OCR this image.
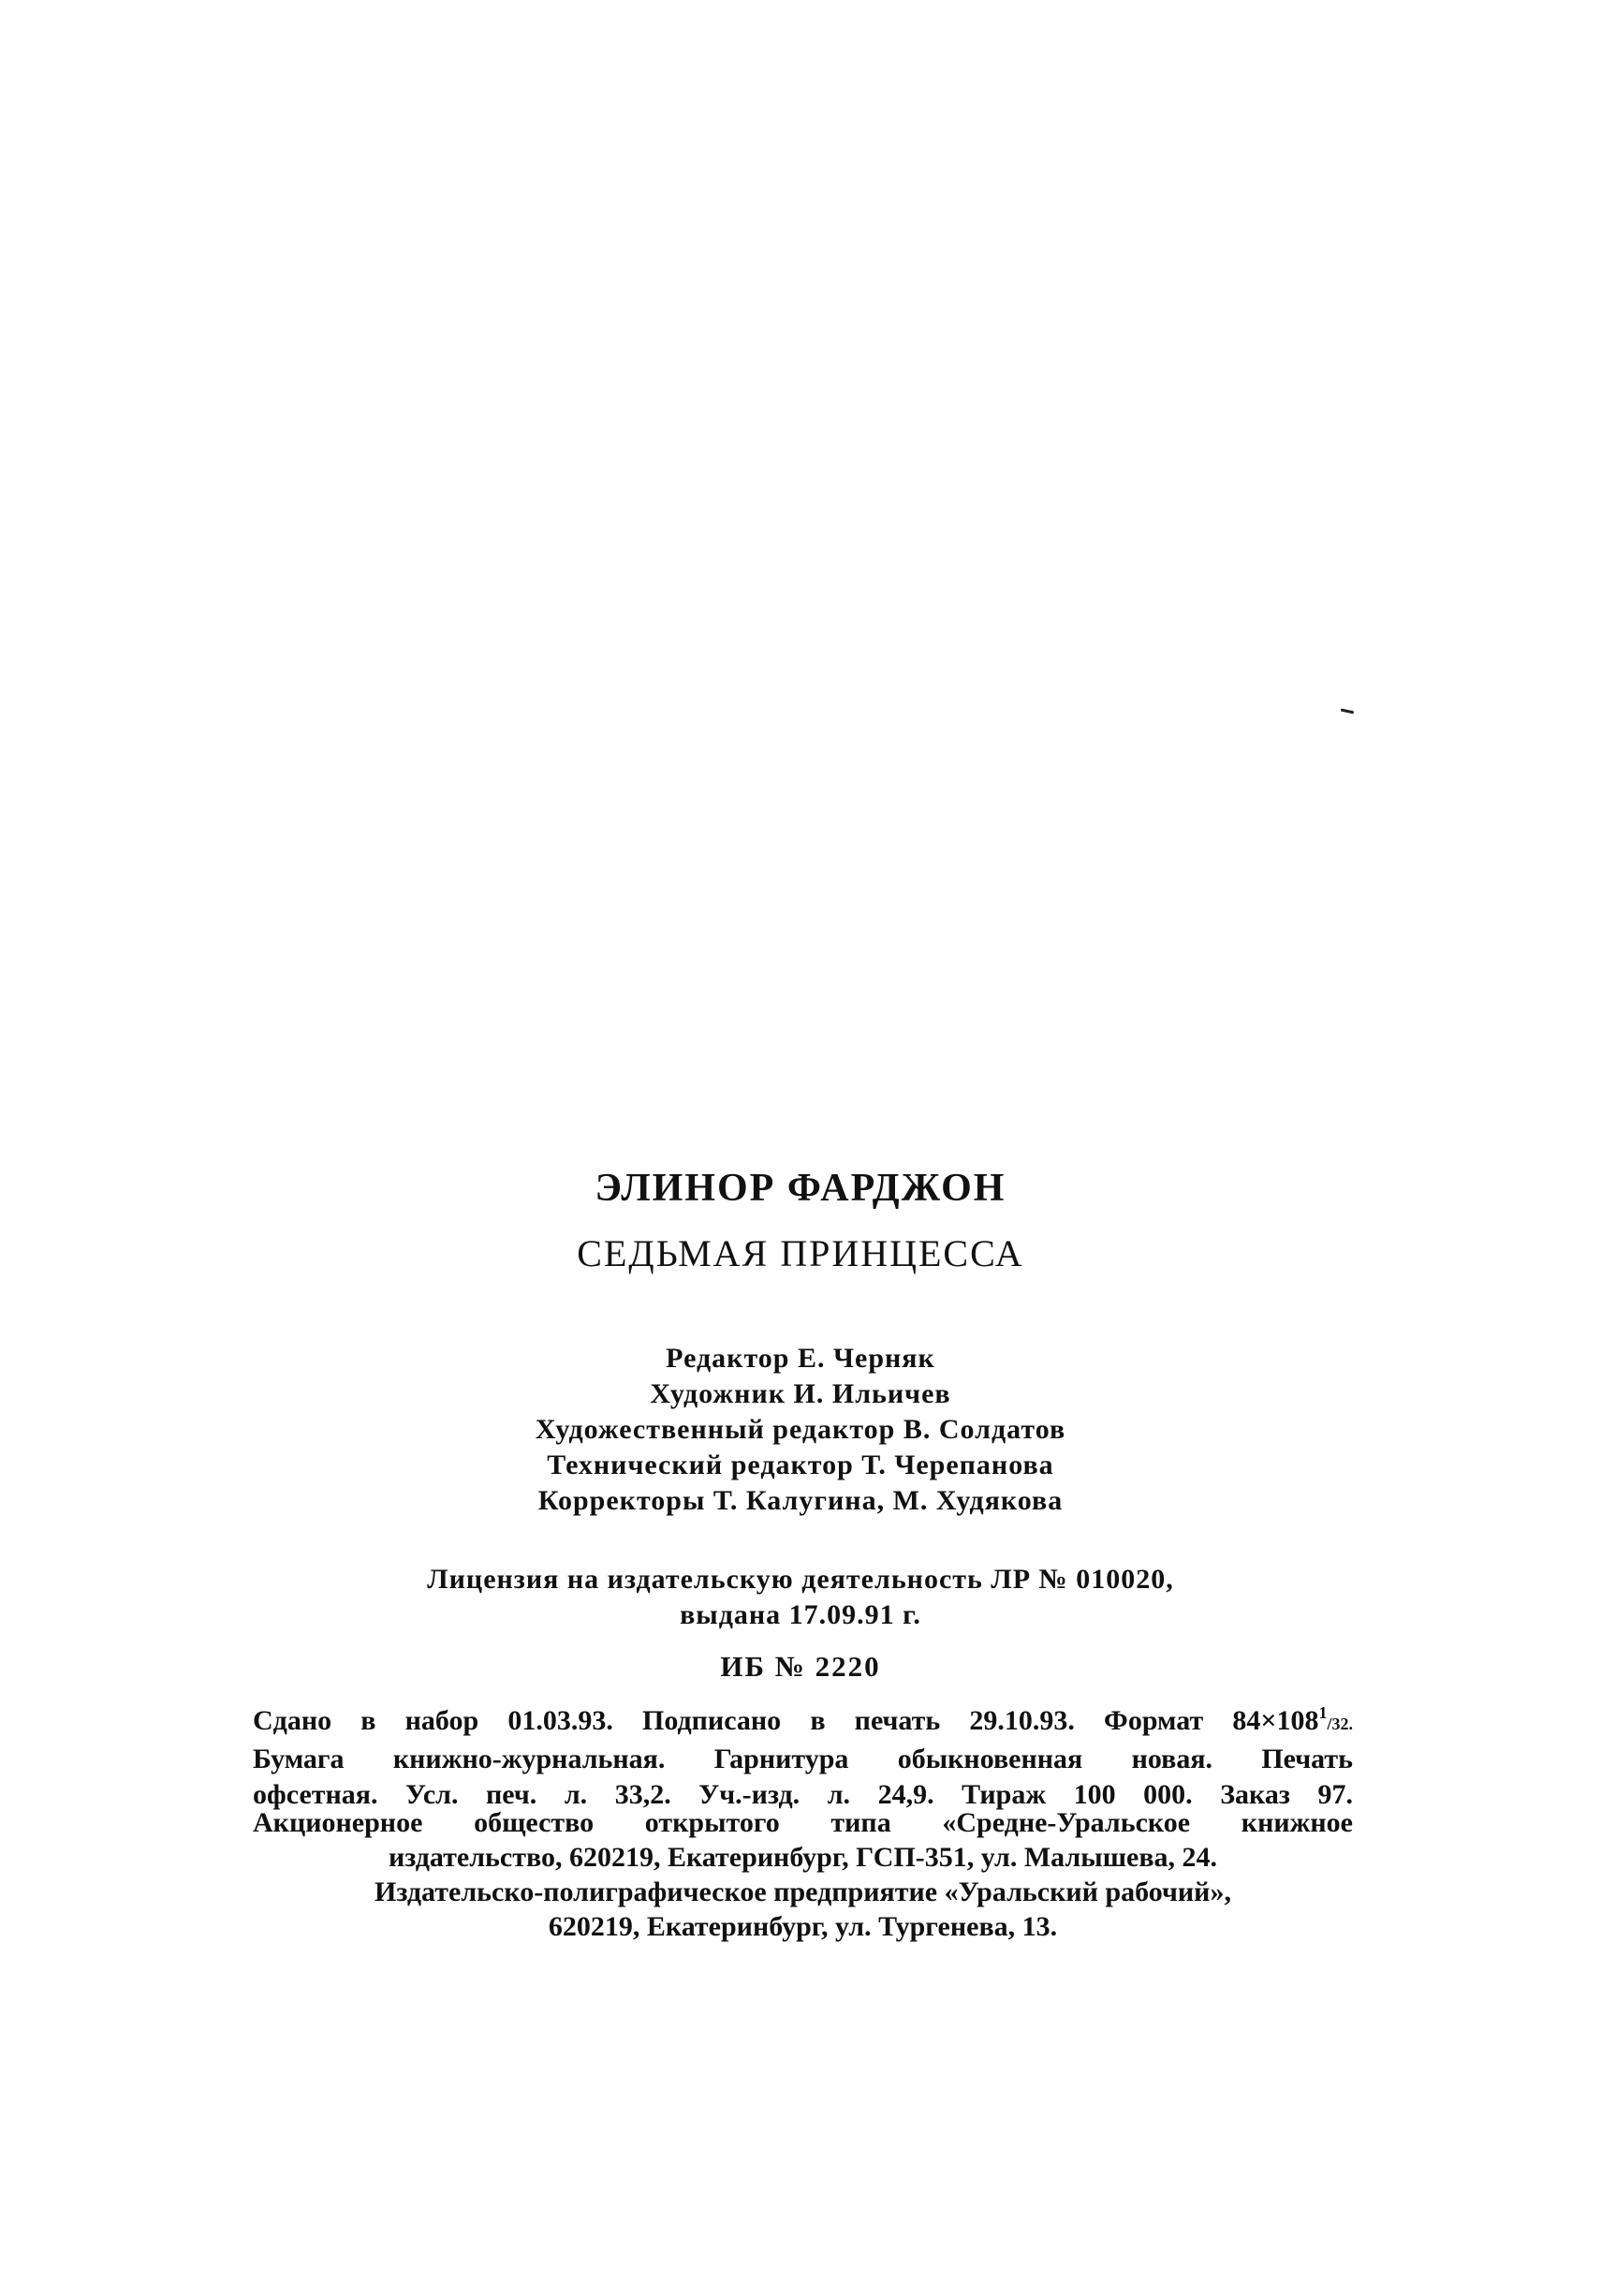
ЭЛИНОР ФАРДЖОН
СЕДЬМАЯ ПРИНЦЕССА
Редактор Е. Черняк
Художник И. Ильичев
Художественный редактор В. Солдатов
Технический редактор Т. Черепанова
Корректоры Т. Калугина, М. Худякова
Лицензия на издательскую деятельность ЛР № 010020,
выдана 17.09.91 г.
ИБ № 2220
Сдано в набор 01.03.93. Подписано в печать 29.10.93. Формат $84\times 108^1/32$.
Бумага книжно-журнальная. Гарнитура обыкновенная новая. Печать
офсетная. Усл. печ. л. 33,2. Уч.-изд. л. 24,9. Тираж 100 000. Заказ 97.
Акционерное общество открытого типа «Средне-Уральское книжное
издательство, 620219, Екатеринбург, ГСП-351, ул. Малышева, 24.
Издательско-полиграфическое предприятие «Уральский рабочий»,
620219, Екатеринбург, ул. Тургенева, 13.
